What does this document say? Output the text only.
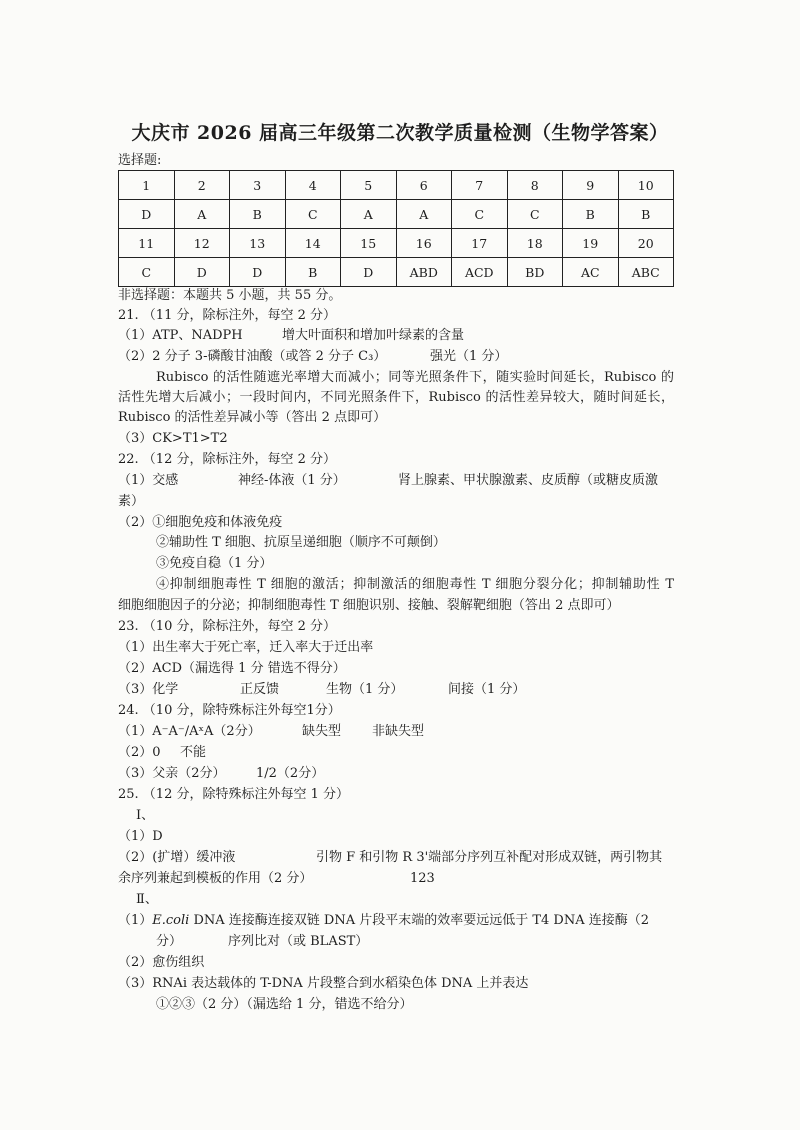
大庆市 2026 届高三年级第二次教学质量检测（生物学答案）
选择题:
1	2	3	4	5	6	7	8	9	10
D	A	B	C	A	A	C	C	B	B
11	12	13	14	15	16	17	18	19	20
C	D	D	B	D	ABD	ACD	BD	AC	ABC
非选择题：本题共 5 小题，共 55 分。
21. （11 分，除标注外，每空 2 分）
（1）ATP、NADPH	增大叶面积和增加叶绿素的含量
（2）2 分子 3-磷酸甘油酸（或答 2 分子 C₃）	强光（1 分）
Rubisco 的活性随遮光率增大而减小；同等光照条件下，随实验时间延长，Rubisco 的
活性先增大后减小；一段时间内，不同光照条件下，Rubisco 的活性差异较大，随时间延长，
Rubisco 的活性差异减小等（答出 2 点即可）
（3）CK>T1>T2
22. （12 分，除标注外，每空 2 分）
（1）交感	神经-体液（1 分）	肾上腺素、甲状腺激素、皮质醇（或糖皮质激
素）
（2）①细胞免疫和体液免疫
②辅助性 T 细胞、抗原呈递细胞（顺序不可颠倒）
③免疫自稳（1 分）
④抑制细胞毒性 T 细胞的激活；抑制激活的细胞毒性 T 细胞分裂分化；抑制辅助性 T
细胞细胞因子的分泌；抑制细胞毒性 T 细胞识别、接触、裂解靶细胞（答出 2 点即可）
23. （10 分，除标注外，每空 2 分）
（1）出生率大于死亡率，迁入率大于迁出率
（2）ACD（漏选得 1 分 错选不得分）
（3）化学	正反馈	生物（1 分）	间接（1 分）
24. （10 分，除特殊标注外每空1分）
（1）A⁻A⁻/AˣA（2分）	缺失型 非缺失型
（2）0 不能
（3）父亲（2分） 1/2（2分）
25. （12 分，除特殊标注外每空 1 分）
Ⅰ、
（1）D
（2）(扩增）缓冲液	引物 F 和引物 R 3'端部分序列互补配对形成双链，两引物其
余序列兼起到模板的作用（2 分）	123
Ⅱ、
（1）E.coli DNA 连接酶连接双链 DNA 片段平末端的效率要远远低于 T4 DNA 连接酶（2
分）	序列比对（或 BLAST）
（2）愈伤组织
（3）RNAi 表达载体的 T-DNA 片段整合到水稻染色体 DNA 上并表达
①②③（2 分）（漏选给 1 分，错选不给分）
